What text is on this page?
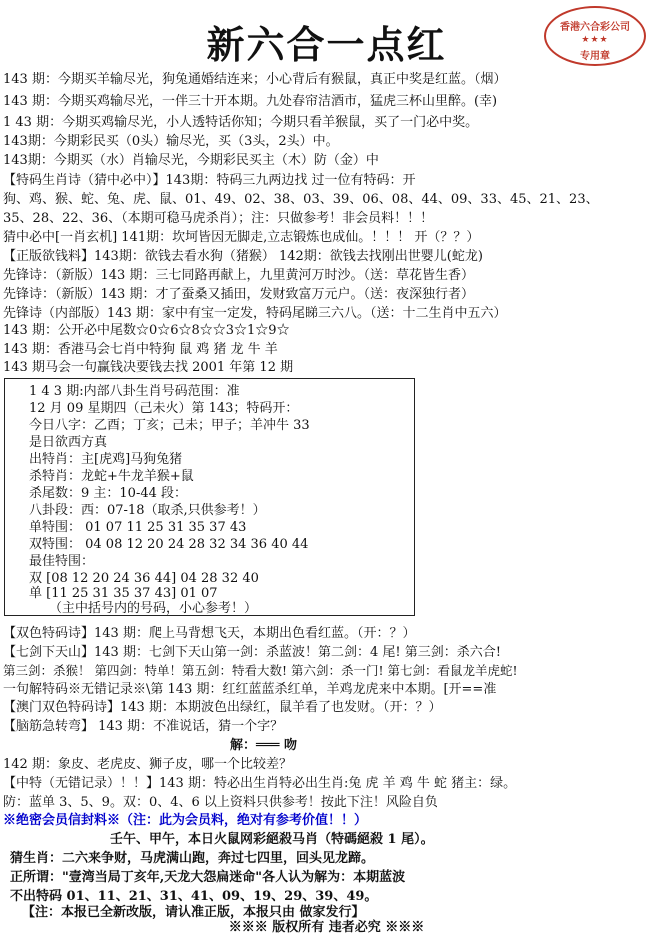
新六合一点红	香港六合彩公司
★★★
专用章
143 期：今期买羊输尽光，狗兔通婚结连来；小心背后有猴鼠，真正中奖是红蓝。（烟）
143 期：今期买鸡输尽光，一伴三十开本期。九处春帘洁酒市，猛虎三杯山里醉。(幸)
1 43 期：今期买鸡输尽光，小人透特话你知；今期只看羊猴鼠，买了一门必中奖。
143期：今期彩民买（0头）输尽光，买（3头，2头）中。
143期：今期买（水）肖输尽光，今期彩民买主（木）防（金）中
【特码生肖诗（猜中必中）】143期：特码三九两边找 过一位有特码：开
狗、鸡、猴、蛇、兔、虎、鼠、01、49、02、38、03、39、06、08、44、09、33、45、21、23、
35、28、22、36、（本期可稳马虎杀肖）；注：只做参考！非会员料！！！
猜中必中[一肖玄机] 141期：坎坷皆因无脚走,立志锻炼也成仙。！！！ 开（？？）
【正版欲钱料】143期：欲钱去看水狗（猪猴） 142期：欲钱去找刚出世婴儿(蛇龙)
先锋诗：（新版）143 期：三七同路再献上，九里黄河万时沙。（送：草花皆生香）
先锋诗：（新版）143 期：才了蚕桑又插田，发财致富万元户。（送：夜深独行者）
先锋诗（内部版）143 期：家中有宝一定发，特码尾睇三六八。（送：十二生肖中五六）
143 期：公开必中尾数☆0☆6☆8☆☆3☆1☆9☆
143 期：香港马会七肖中特狗 鼠 鸡 猪 龙 牛 羊
143 期马会一句赢钱决要钱去找 2001 年第 12 期
1 4 3 期:内部八卦生肖号码范围：准
12 月 09 星期四（己未火）第 143；特码开：
今日八字：乙酉；丁亥；己未；甲子；羊冲牛 33
是日欲西方真
出特肖：主[虎鸡]马狗兔猪
杀特肖：龙蛇+牛龙羊猴+鼠
杀尾数：9 主：10-44 段：
八卦段：西：07-18（取杀,只供参考！）
单特围： 01 07 11 25 31 35 37 43
双特围： 04 08 12 20 24 28 32 34 36 40 44
最佳特围：
双 [08 12 20 24 36 44] 04 28 32 40
单 [11 25 31 35 37 43] 01 07
（主中括号内的号码，小心参考！）
【双色特码诗】143 期：爬上马背想飞天，本期出色看红蓝。（开：？）
【七剑下天山】143 期：七剑下天山第一剑：杀蓝波！第二剑：4 尾! 第三剑：杀六合!
第三剑：杀猴！ 第四剑：特单！第五剑：特看大数! 第六剑：杀一门! 第七剑：看鼠龙羊虎蛇!
一句解特码※无错记录※\第 143 期：红红蓝蓝杀红单，羊鸡龙虎来中本期。[开==准
【澳门双色特码诗】143 期：本期波色出绿红，鼠羊看了也发财。（开：？）
【脑筋急转弯】 143 期：不准说话，猜一个字？
解：═══ 吻
142 期：象皮、老虎皮、狮子皮，哪一个比较差？
【中特（无错记录）！！】143 期：特必出生肖特必出生肖:兔 虎 羊 鸡 牛 蛇 猪主：绿。
防：蓝单 3、5、9。双：0、4、6 以上资料只供参考！按此下注！风险自负
※绝密会员信封料※（注：此为会员料，绝对有参考价值！！）
壬午、甲午，本日火鼠网彩絕殺马肖（特碼絕殺 1 尾）。
猜生肖：二六来争财，马虎满山跑，奔过七四里，回头见龙蹄。
正所谓："壹湾当局丁亥年,天龙大怨扁迷命"各人认为解为：本期蓝波
不出特码 01、11、21、31、41、09、19、29、39、49。
【注：本报已全新改版，请认准正版，本报只由 做家发行】
※※※ 版权所有 违者必究 ※※※
